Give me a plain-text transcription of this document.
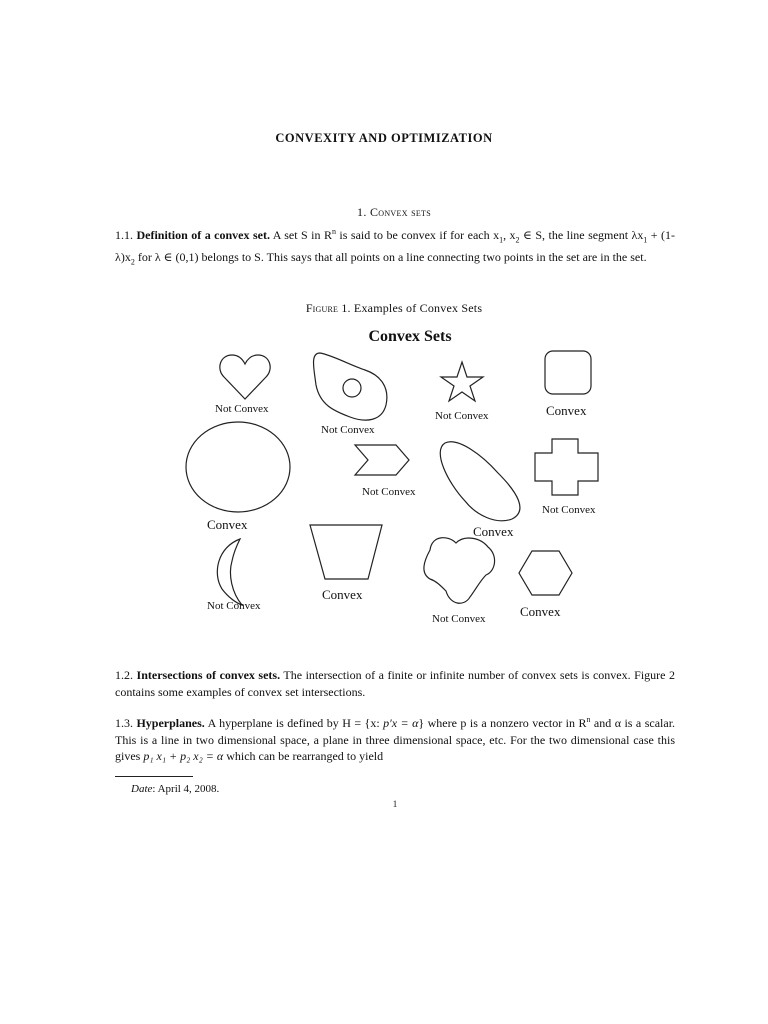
CONVEXITY AND OPTIMIZATION
1. Convex sets
1.1. Definition of a convex set. A set S in $R^n$ is said to be convex if for each $x_1$, $x_2$ ∈ S, the line segment $\lambda x_1 + (1-\lambda)x_2$ for λ ∈ (0,1) belongs to S. This says that all points on a line connecting two points in the set are in the set.
Figure 1. Examples of Convex Sets
Convex Sets
Not Convex
Not Convex
Not Convex	Convex
Convex
Not Convex
Convex
Not Convex
Not Convex
Convex
Not Convex	Convex
1.2. Intersections of convex sets. The intersection of a finite or infinite number of convex sets is convex. Figure 2 contains some examples of convex set intersections.
1.3. Hyperplanes. A hyperplane is defined by H = {x: p′x = α} where p is a nonzero vector in $R^n$ and α is a scalar. This is a line in two dimensional space, a plane in three dimensional space, etc. For the two dimensional case this gives p₁ x₁ + p₂ x₂ = α which can be rearranged to yield
Date: April 4, 2008.
1
